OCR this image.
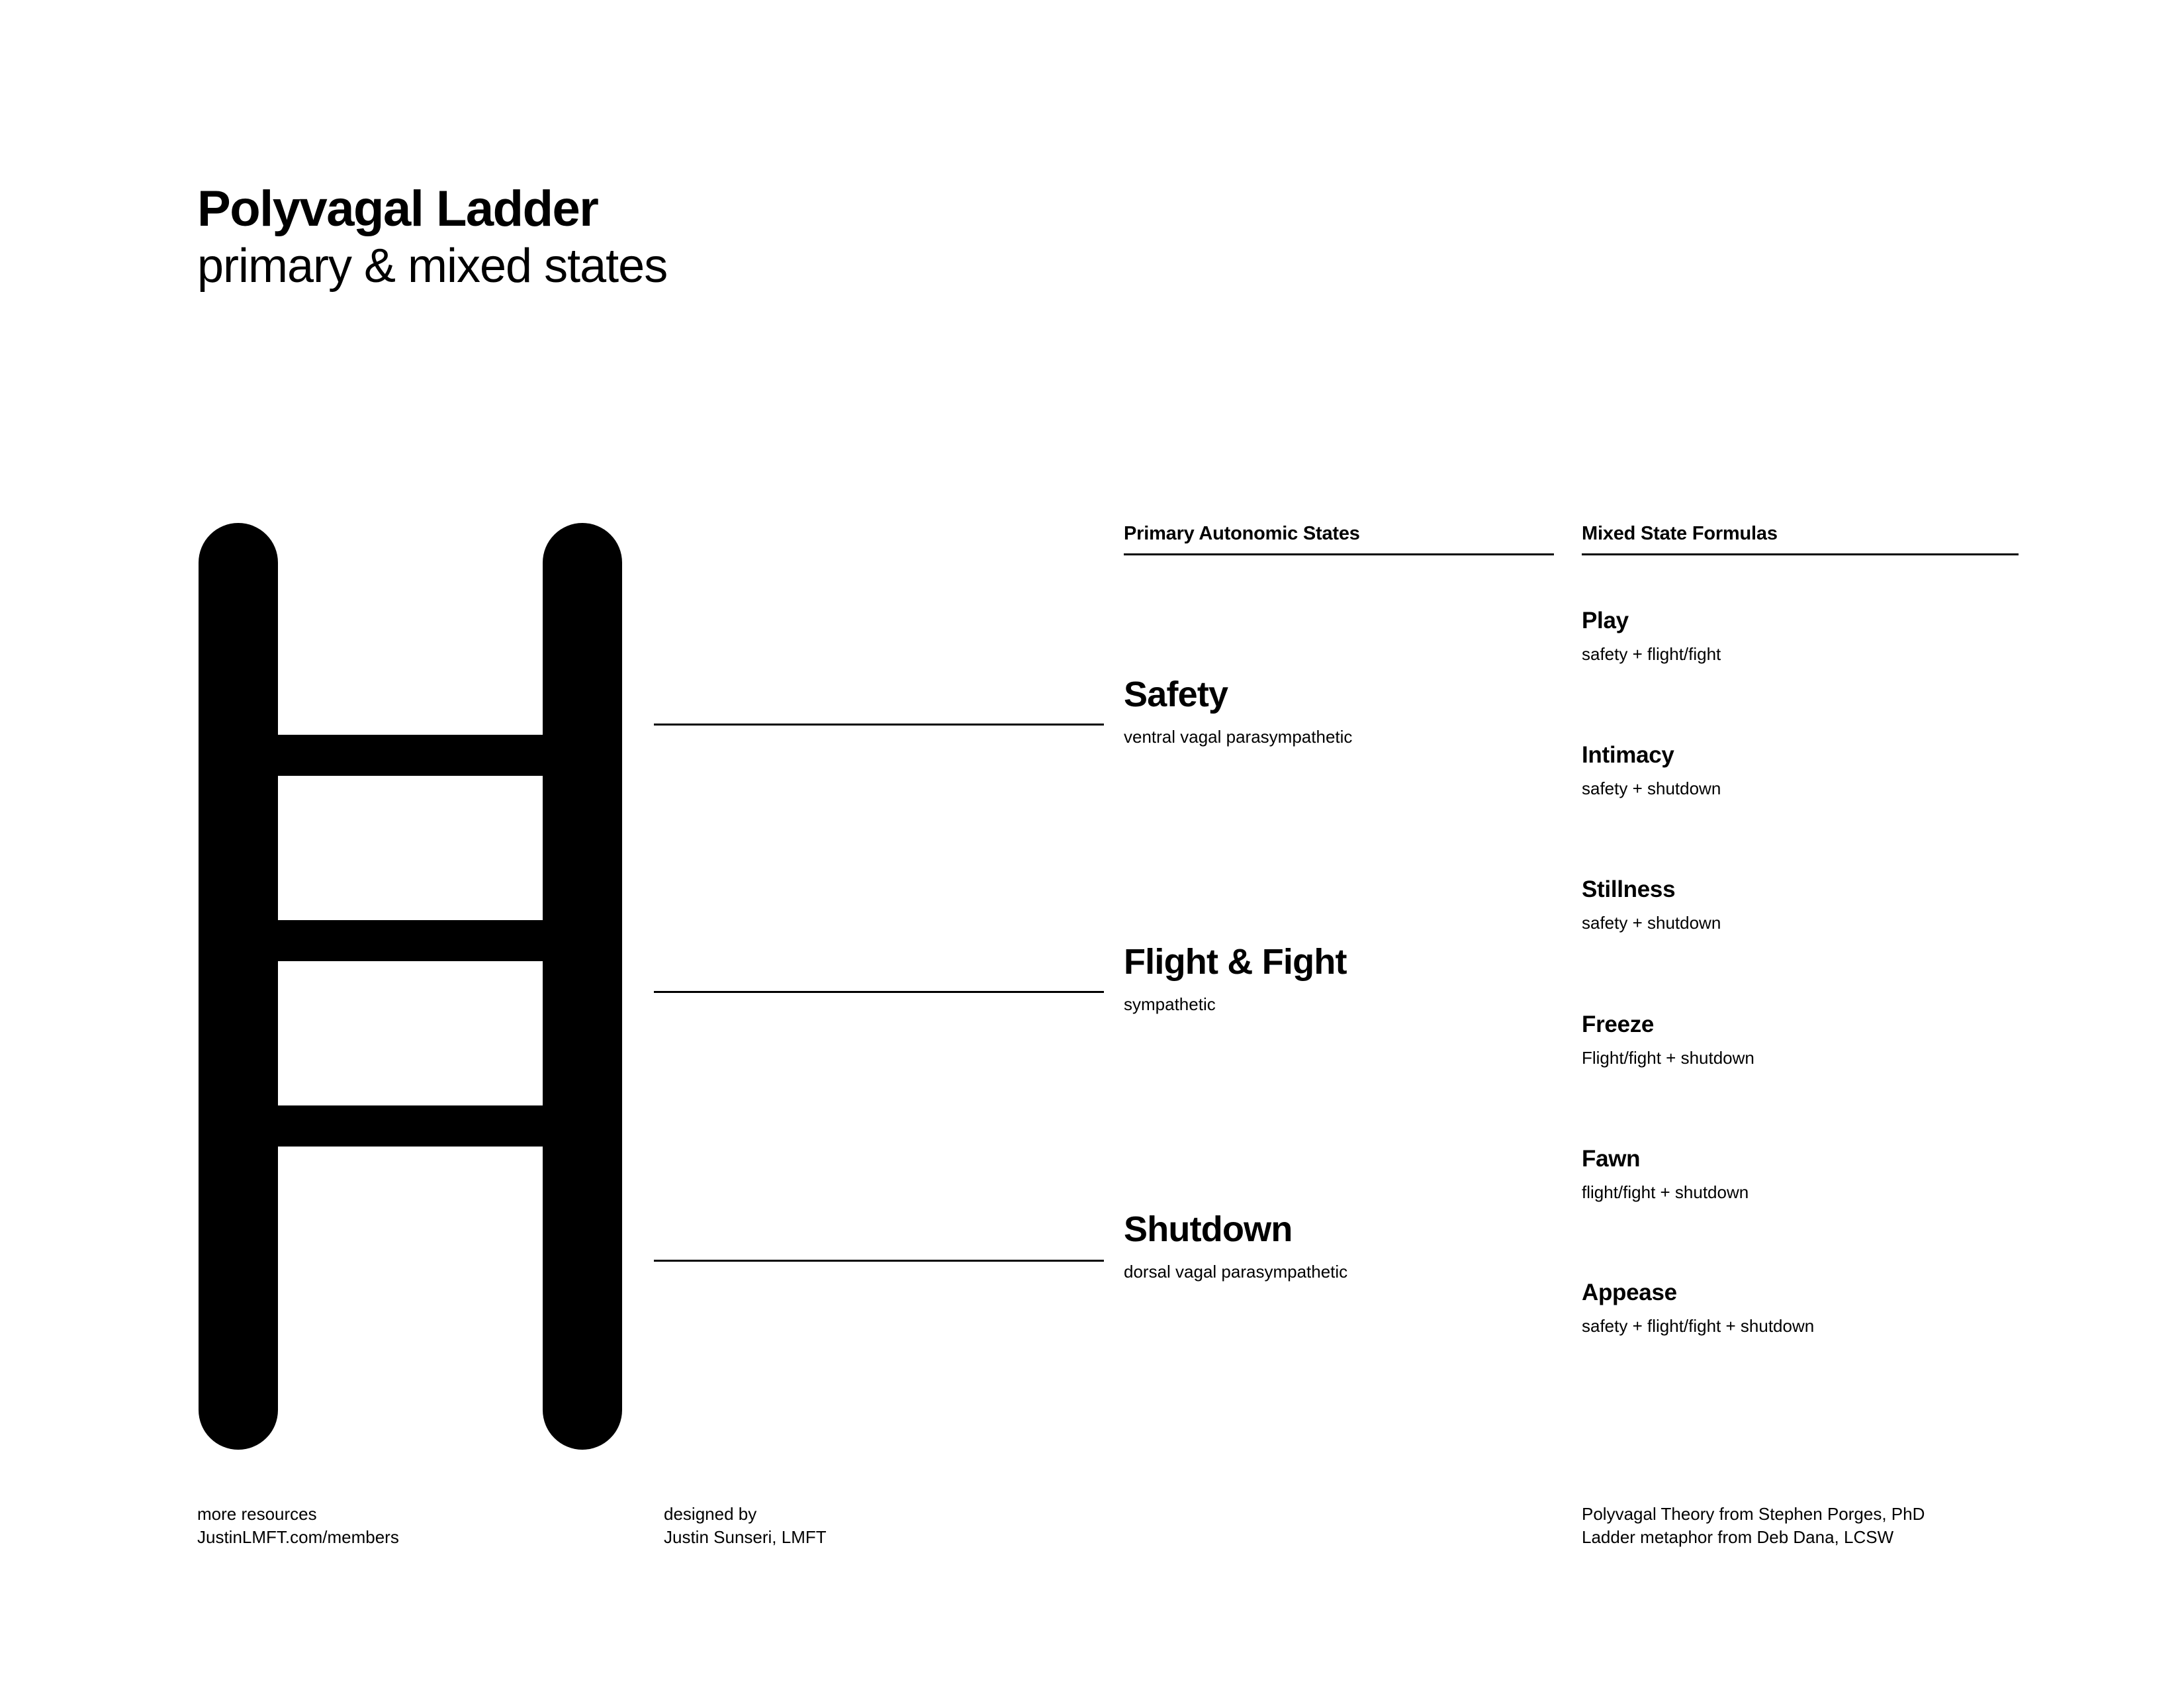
Polyvagal Ladder
primary & mixed states
Primary Autonomic States	Mixed State Formulas
Safety
ventral vagal parasympathetic
Flight & Fight
sympathetic
Shutdown
dorsal vagal parasympathetic
Play
safety + flight/fight
Intimacy
safety + shutdown
Stillness
safety + shutdown
Freeze
Flight/fight + shutdown
Fawn
flight/fight + shutdown
Appease
safety + flight/fight + shutdown
more resources
JustinLMFT.com/members
designed by
Justin Sunseri, LMFT
Polyvagal Theory from Stephen Porges, PhD
Ladder metaphor from Deb Dana, LCSW
